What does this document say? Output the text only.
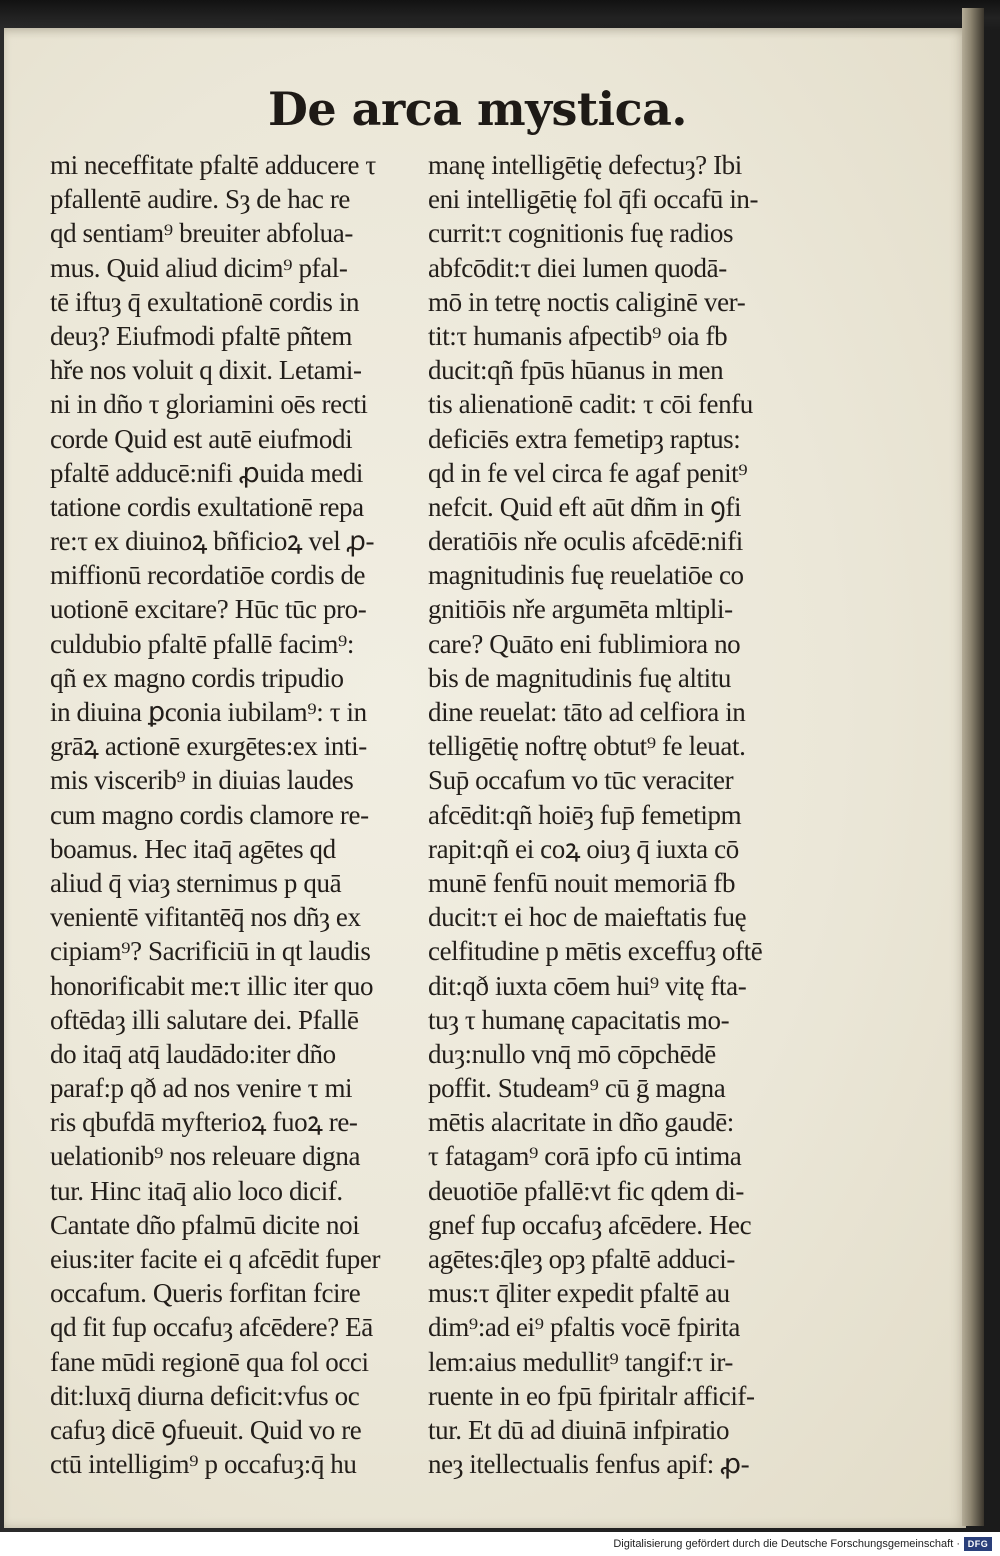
De arca mystica.
mi neceffitate pfaltē adducere τ
pfallentē audire. Sȝ de hac re
qd sentiam⁹ breuiter abfolua-
mus. Quid aliud dicim⁹ pfal-
tē iftuȝ q̄ exultationē cordis in
deuȝ? Eiufmodi pfaltē pñtem
hře nos voluit q dixit. Letami-
ni in dño τ gloriamini oēs recti
corde Quid est autē eiufmodi
pfaltē adducē:nifi ꝓuida medi
tatione cordis exultationē repa
re:τ ex diuinoꝝ bñficioꝝ vel ꝓ-
miffionū recordatiōe cordis de
uotionē excitare? Hūc tūc pro-
culdubio pfaltē pfallē facim⁹:
qñ ex magno cordis tripudio
in diuina ꝑconia iubilam⁹: τ in
grāꝝ actionē exurgētes:ex inti-
mis viscerib⁹ in diuias laudes
cum magno cordis clamore re-
boamus. Hec itaq̄ agētes qd
aliud q̄ viaȝ sternimus p quā
venientē vifitantēq̄ nos dñȝ ex
cipiam⁹? Sacrificiū in qt laudis
honorificabit me:τ illic iter quo
oftēdaȝ illi salutare dei. Pfallē
do itaq̄ atq̄ laudādo:iter dño
paraf:p qð ad nos venire τ mi
ris qbufdā myfterioꝝ fuoꝝ re-
uelationib⁹ nos releuare digna
tur. Hinc itaq̄ alio loco dicif.
Cantate dño pfalmū dicite noi
eius:iter facite ei q afcēdit fuper
occafum. Queris forfitan fcire
qd fit fup occafuȝ afcēdere? Eā
fane mūdi regionē qua fol occi
dit:luxq̄ diurna deficit:vfus oc
cafuȝ dicē ꝯfueuit. Quid vo re
ctū intelligim⁹ p occafuȝ:q̄ hu
manę intelligētię defectuȝ? Ibi
eni intelligētię fol q̄fi occafū in-
currit:τ cognitionis fuę radios
abfcōdit:τ diei lumen quodā-
mō in tetrę noctis caliginē ver-
tit:τ humanis afpectib⁹ oia fb
ducit:qñ fpūs hūanus in men
tis alienationē cadit: τ cōi fenfu
deficiēs extra femetipȝ raptus:
qd in fe vel circa fe agaf penit⁹
nefcit. Quid eft aūt dñm in ꝯfi
deratiōis nře oculis afcēdē:nifi
magnitudinis fuę reuelatiōe co
gnitiōis nře argumēta mltipli-
care? Quāto eni fublimiora no
bis de magnitudinis fuę altitu
dine reuelat: tāto ad celfiora in
telligētię noftrę obtut⁹ fe leuat.
Sup̄ occafum vo tūc veraciter
afcēdit:qñ hoiēȝ fup̄ femetipm
rapit:qñ ei coꝝ oiuȝ q̄ iuxta cō
munē fenfū nouit memoriā fb
ducit:τ ei hoc de maieftatis fuę
celfitudine p mētis exceffuȝ oftē
dit:qð iuxta cōem hui⁹ vitę fta-
tuȝ τ humanę capacitatis mo-
duȝ:nullo vnq̄ mō cōpchēdē
poffit. Studeam⁹ cū ḡ magna
mētis alacritate in dño gaudē:
τ fatagam⁹ corā ipfo cū intima
deuotiōe pfallē:vt fic qdem di-
gnef fup occafuȝ afcēdere. Hec
agētes:q̄leȝ opȝ pfaltē adduci-
mus:τ q̄liter expedit pfaltē au
dim⁹:ad ei⁹ pfaltis vocē fpirita
lem:aius medullit⁹ tangif:τ ir-
ruente in eo fpū fpiritalr afficif-
tur. Et dū ad diuinā infpiratio
neȝ itellectualis fenfus apif: ꝓ-
Digitalisierung gefördert durch die Deutsche Forschungsgemeinschaft · DFG
